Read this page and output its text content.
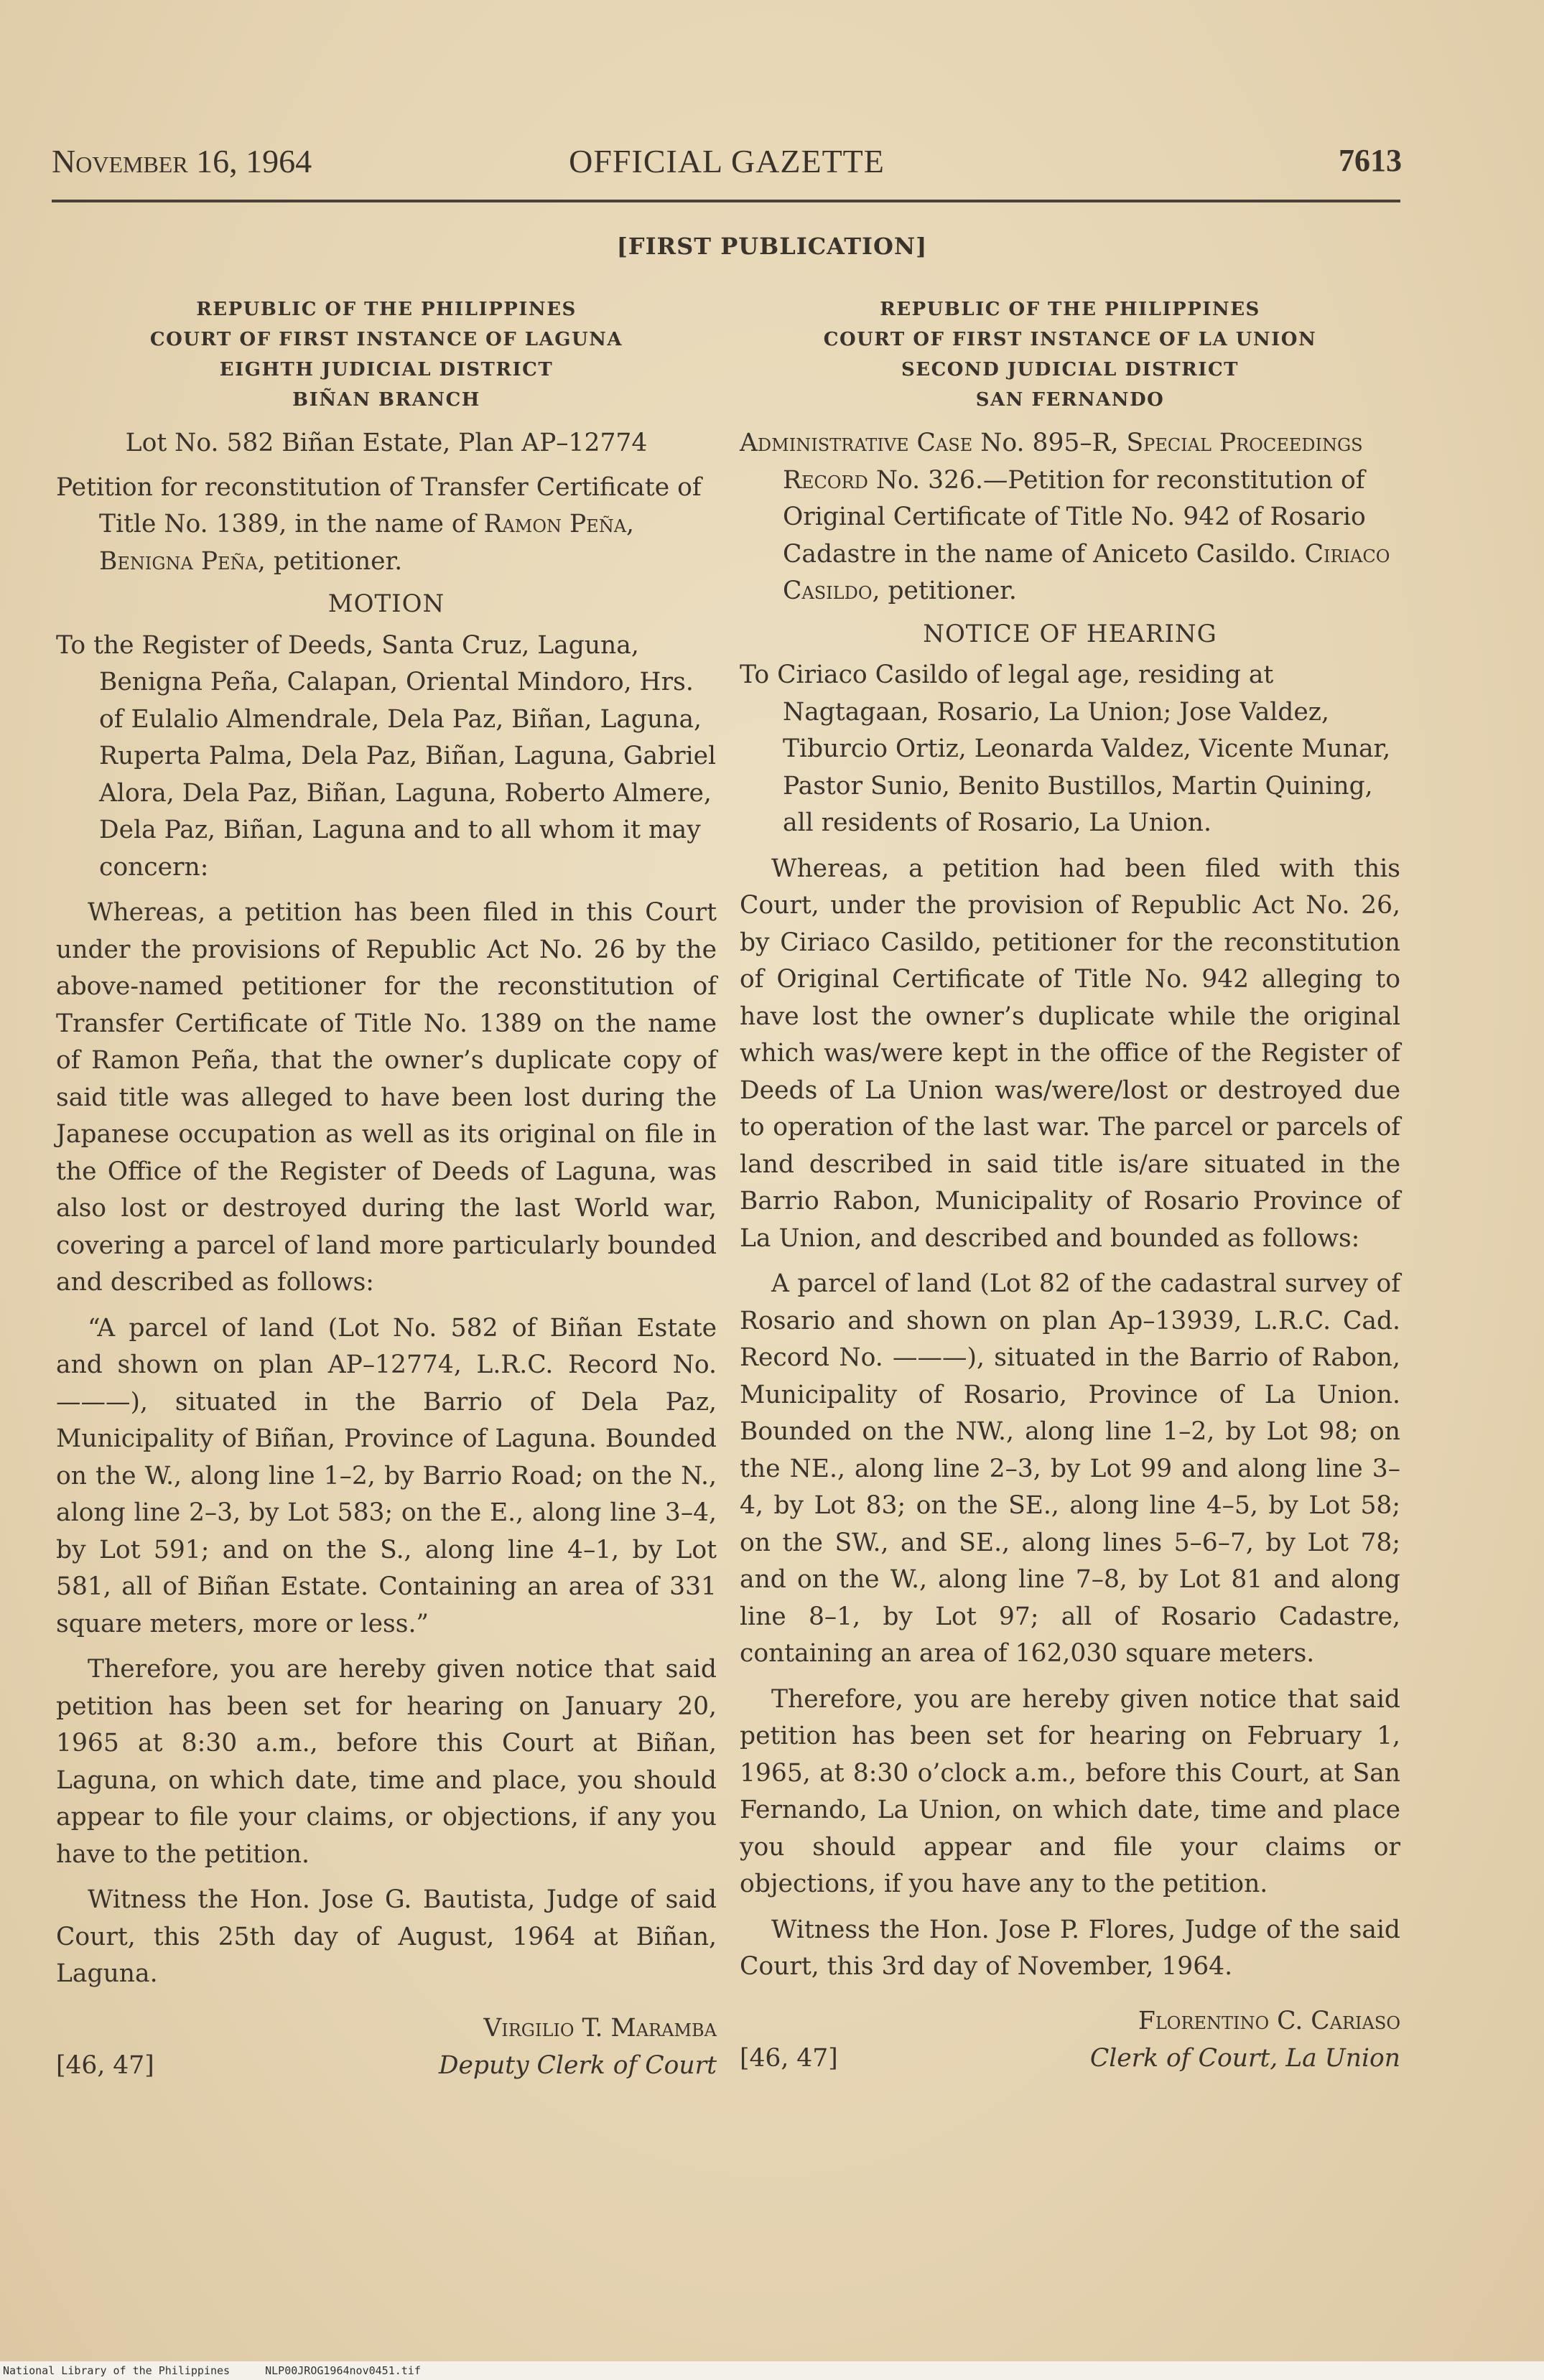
OFFICIAL GAZETTE
November 16, 1964	7613
[FIRST PUBLICATION]
REPUBLIC OF THE PHILIPPINES
COURT OF FIRST INSTANCE OF LAGUNA
EIGHTH JUDICIAL DISTRICT
BIÑAN BRANCH

Lot No. 582 Biñan Estate, Plan AP–12774

Petition for reconstitution of Transfer Certificate of Title No. 1389, in the name of Ramon Peña, Benigna Peña, petitioner.

MOTION

To the Register of Deeds, Santa Cruz, Laguna, Benigna Peña, Calapan, Oriental Mindoro, Hrs. of Eulalio Almendrale, Dela Paz, Biñan, Laguna, Ruperta Palma, Dela Paz, Biñan, Laguna, Gabriel Alora, Dela Paz, Biñan, Laguna, Roberto Almere, Dela Paz, Biñan, Laguna and to all whom it may concern:

Whereas, a petition has been filed in this Court under the provisions of Republic Act No. 26 by the above-named petitioner for the reconstitution of Transfer Certificate of Title No. 1389 on the name of Ramon Peña, that the owner’s duplicate copy of said title was alleged to have been lost during the Japanese occupation as well as its original on file in the Office of the Register of Deeds of Laguna, was also lost or destroyed during the last World war, covering a parcel of land more particularly bounded and described as follows:

“A parcel of land (Lot No. 582 of Biñan Estate and shown on plan AP–12774, L.R.C. Record No. ———), situated in the Barrio of Dela Paz, Municipality of Biñan, Province of Laguna. Bounded on the W., along line 1–2, by Barrio Road; on the N., along line 2–3, by Lot 583; on the E., along line 3–4, by Lot 591; and on the S., along line 4–1, by Lot 581, all of Biñan Estate. Containing an area of 331 square meters, more or less.”

Therefore, you are hereby given notice that said petition has been set for hearing on January 20, 1965 at 8:30 a.m., before this Court at Biñan, Laguna, on which date, time and place, you should appear to file your claims, or objections, if any you have to the petition.

Witness the Hon. Jose G. Bautista, Judge of said Court, this 25th day of August, 1964 at Biñan, Laguna.

Virgilio T. Maramba
[46, 47]	Deputy Clerk of Court
REPUBLIC OF THE PHILIPPINES
COURT OF FIRST INSTANCE OF LA UNION
SECOND JUDICIAL DISTRICT
SAN FERNANDO

Administrative Case No. 895–R, Special Proceedings Record No. 326.—Petition for reconstitution of Original Certificate of Title No. 942 of Rosario Cadastre in the name of Aniceto Casildo. Ciriaco Casildo, petitioner.

NOTICE OF HEARING

To Ciriaco Casildo of legal age, residing at Nagtagaan, Rosario, La Union; Jose Valdez, Tiburcio Ortiz, Leonarda Valdez, Vicente Munar, Pastor Sunio, Benito Bustillos, Martin Quining, all residents of Rosario, La Union.

Whereas, a petition had been filed with this Court, under the provision of Republic Act No. 26, by Ciriaco Casildo, petitioner for the reconstitution of Original Certificate of Title No. 942 alleging to have lost the owner’s duplicate while the original which was/were kept in the office of the Register of Deeds of La Union was/were/lost or destroyed due to operation of the last war. The parcel or parcels of land described in said title is/are situated in the Barrio Rabon, Municipality of Rosario Province of La Union, and described and bounded as follows:

A parcel of land (Lot 82 of the cadastral survey of Rosario and shown on plan Ap–13939, L.R.C. Cad. Record No. ———), situated in the Barrio of Rabon, Municipality of Rosario, Province of La Union. Bounded on the NW., along line 1–2, by Lot 98; on the NE., along line 2–3, by Lot 99 and along line 3–4, by Lot 83; on the SE., along line 4–5, by Lot 58; on the SW., and SE., along lines 5–6–7, by Lot 78; and on the W., along line 7–8, by Lot 81 and along line 8–1, by Lot 97; all of Rosario Cadastre, containing an area of 162,030 square meters.

Therefore, you are hereby given notice that said petition has been set for hearing on February 1, 1965, at 8:30 o’clock a.m., before this Court, at San Fernando, La Union, on which date, time and place you should appear and file your claims or objections, if you have any to the petition.

Witness the Hon. Jose P. Flores, Judge of the said Court, this 3rd day of November, 1964.

Florentino C. Cariaso
[46, 47]	Clerk of Court, La Union
National Library of the Philippines	NLP00JROG1964nov0451.tif
